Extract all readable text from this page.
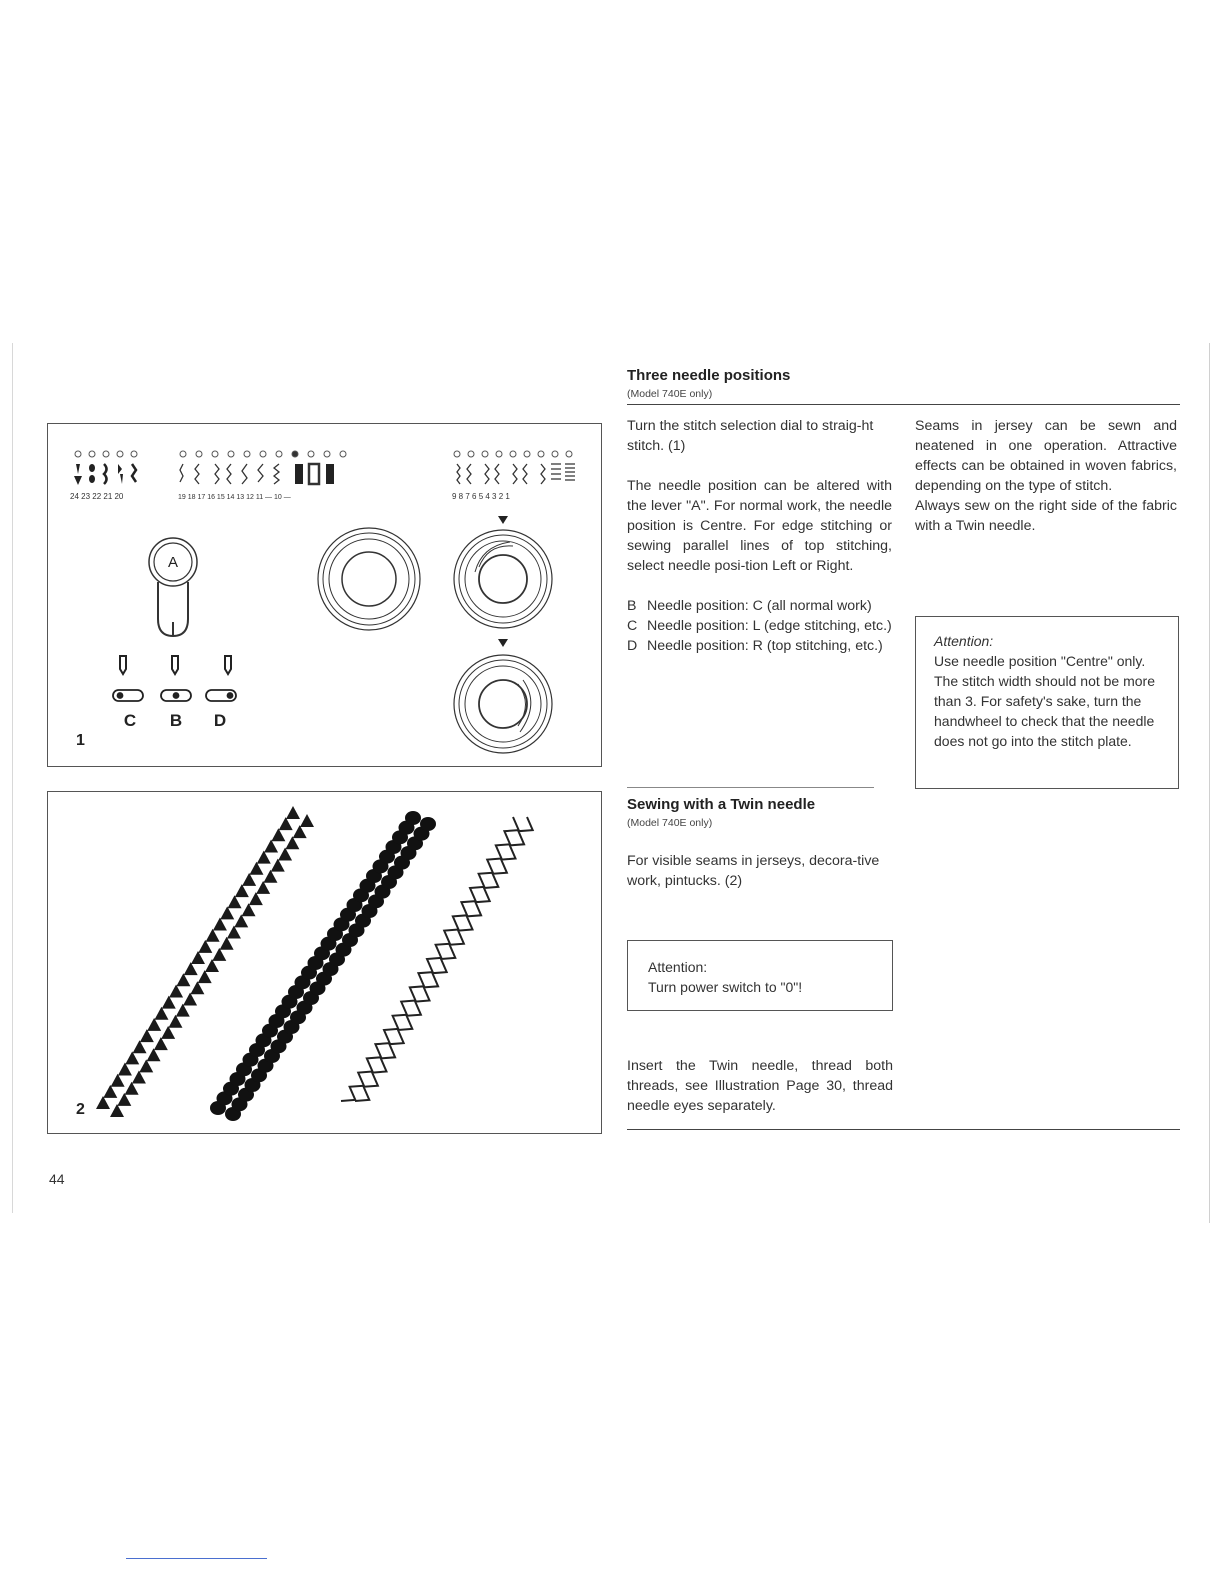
24 23 22 21 20	19 18 17 16 15 14 13 12 11 — 10 —	9 8 7 6 5 4 3 2 1
A
C B D
1
2
44
Three needle positions
(Model 740E only)
Turn the stitch selection dial to straig-ht stitch. (1)
The needle position can be altered with the lever "A". For normal work, the needle position is Centre. For edge stitching or sewing parallel lines of top stitching, select needle posi-tion Left or Right.
B Needle position: C (all normal work)
C Needle position: L (edge stitching, etc.)
D Needle position: R (top stitching, etc.)
Seams in jersey can be sewn and neatened in one operation. Attractive effects can be obtained in woven fabrics, depending on the type of stitch.
Always sew on the right side of the fabric with a Twin needle.
Attention:
Use needle position "Centre" only. The stitch width should not be more than 3. For safety's sake, turn the handwheel to check that the needle does not go into the stitch plate.
Sewing with a Twin needle
(Model 740E only)
For visible seams in jerseys, decora-tive work, pintucks. (2)
Attention:
Turn power switch to "0"!
Insert the Twin needle, thread both threads, see Illustration Page 30, thread needle eyes separately.
